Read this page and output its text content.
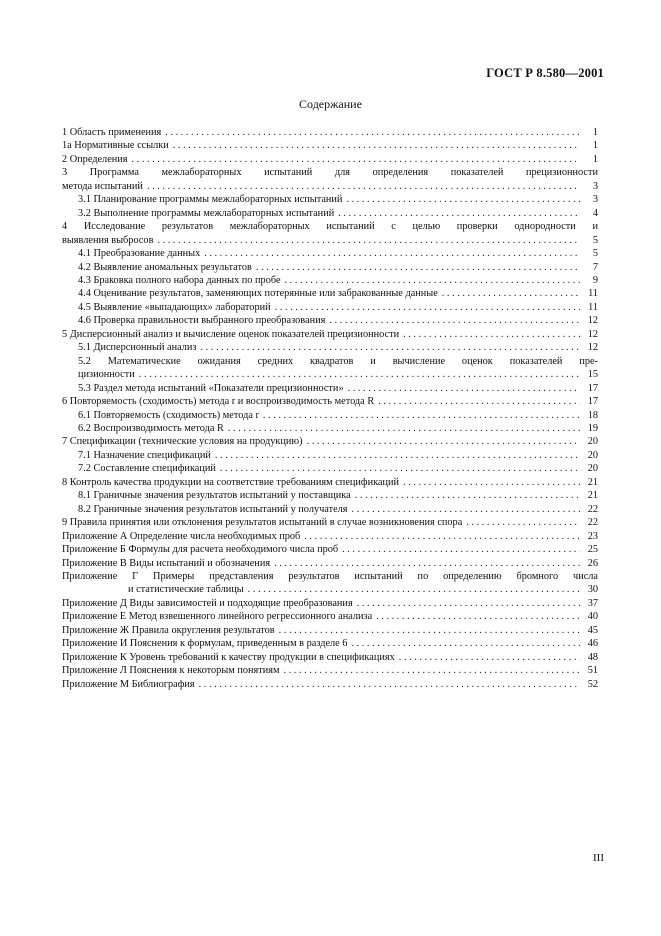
ГОСТ Р 8.580—2001
Содержание
1 Область применения . . .	1
1а Нормативные ссылки . . .	1
2 Определения . . .	1
3 Программа межлабораторных испытаний для определения показателей прецизионности
метода испытаний . . .	3
3.1 Планирование программы межлабораторных испытаний . . .	3
3.2 Выполнение программы межлабораторных испытаний . . .	4
4 Исследование результатов межлабораторных испытаний с целью проверки однородности и
выявления выбросов . . .	5
4.1 Преобразование данных . . .	5
4.2 Выявление аномальных результатов . . .	7
4.3 Браковка полного набора данных по пробе . . .	9
4.4 Оценивание результатов, заменяющих потерянные или забракованные данные . . .	11
4.5 Выявление «выпадающих» лабораторий . . .	11
4.6 Проверка правильности выбранного преобразования . . .	12
5 Дисперсионный анализ и вычисление оценок показателей прецизионности . . .	12
5.1 Дисперсионный анализ . . .	12
5.2 Математические ожидания средних квадратов и вычисление оценок показателей пре-
цизионности . . .	15
5.3 Раздел метода испытаний «Показатели прецизионности» . . .	17
6 Повторяемость (сходимость) метода r и воспроизводимость метода R . . .	17
6.1 Повторяемость (сходимость) метода r . . .	18
6.2 Воспроизводимость метода R . . .	19
7 Спецификации (технические условия на продукцию) . . .	20
7.1 Назначение спецификаций . . .	20
7.2 Составление спецификаций . . .	20
8 Контроль качества продукции на соответствие требованиям спецификаций . . .	21
8.1 Граничные значения результатов испытаний у поставщика . . .	21
8.2 Граничные значения результатов испытаний у получателя . . .	22
9 Правила принятия или отклонения результатов испытаний в случае возникновения спора . . .	22
Приложение А Определение числа необходимых проб . . .	23
Приложение Б Формулы для расчета необходимого числа проб . . .	25
Приложение В Виды испытаний и обозначения . . .	26
Приложение Г Примеры представления результатов испытаний по определению бромного числа
и статистические таблицы . . .	30
Приложение Д Виды зависимостей и подходящие преобразования . . .	37
Приложение Е Метод взвешенного линейного регрессионного анализа . . .	40
Приложение Ж Правила округления результатов . . .	45
Приложение И Пояснения к формулам, приведенным в разделе 6 . . .	46
Приложение К Уровень требований к качеству продукции в спецификациях . . .	48
Приложение Л Пояснения к некоторым понятиям . . .	51
Приложение М Библиография . . .	52
III
